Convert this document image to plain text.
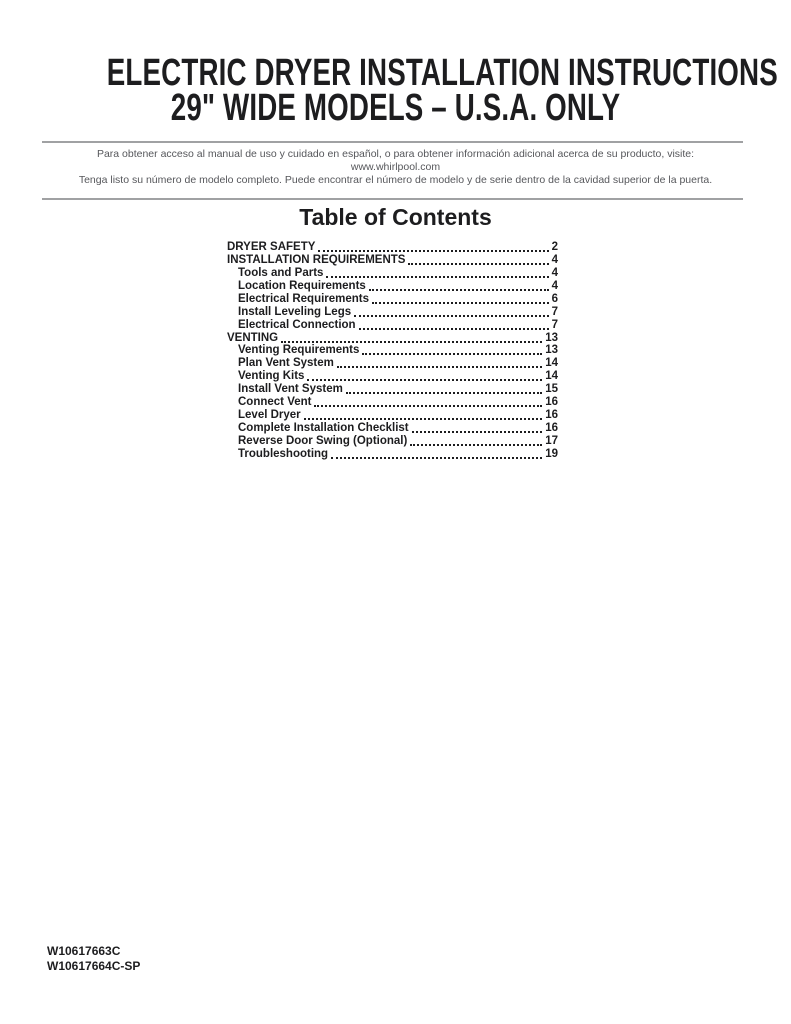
ELECTRIC DRYER INSTALLATION INSTRUCTIONS
29" WIDE MODELS – U.S.A. ONLY
Para obtener acceso al manual de uso y cuidado en español, o para obtener información adicional acerca de su producto, visite:
www.whirlpool.com
Tenga listo su número de modelo completo. Puede encontrar el número de modelo y de serie dentro de la cavidad superior de la puerta.
Table of Contents
DRYER SAFETY	2
INSTALLATION REQUIREMENTS	4
Tools and Parts	4
Location Requirements	4
Electrical Requirements	6
Install Leveling Legs	7
Electrical Connection	7
VENTING	13
Venting Requirements	13
Plan Vent System	14
Venting Kits	14
Install Vent System	15
Connect Vent	16
Level Dryer	16
Complete Installation Checklist	16
Reverse Door Swing (Optional)	17
Troubleshooting	19
W10617663C
W10617664C-SP
